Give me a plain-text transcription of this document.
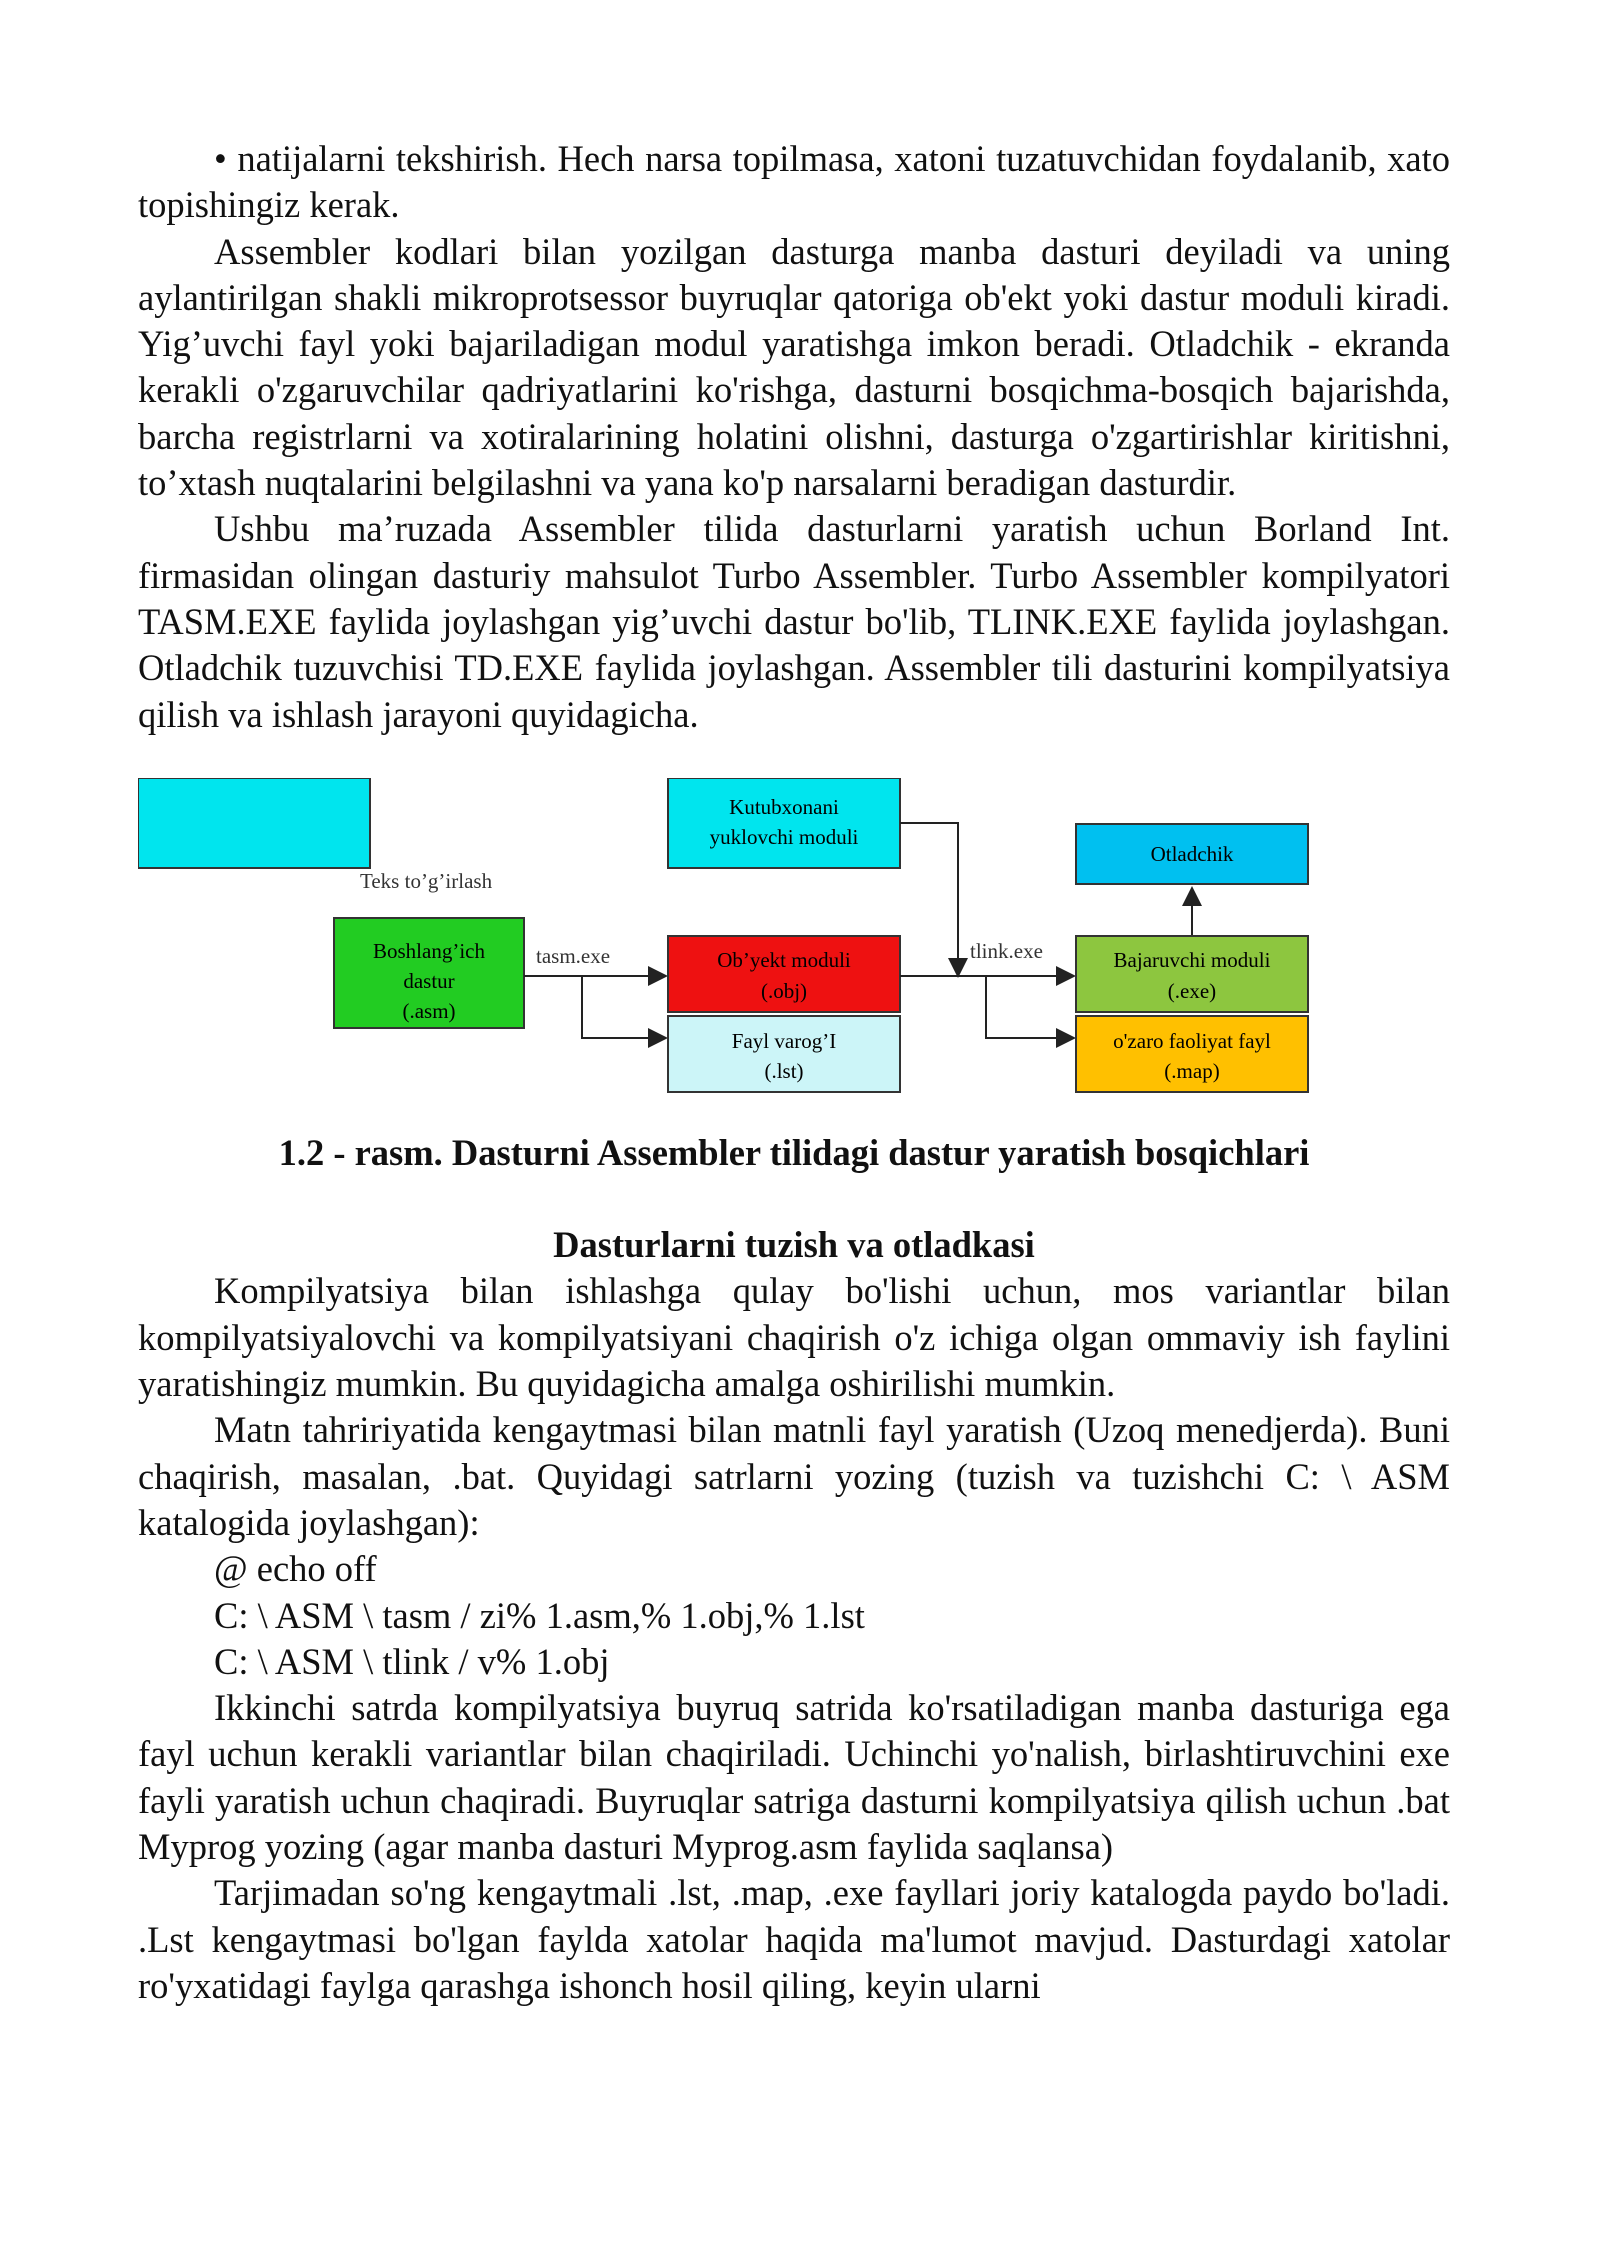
• natijalarni tekshirish. Hech narsa topilmasa, xatoni tuzatuvchidan foydalanib, xato topishingiz kerak.

Assembler kodlari bilan yozilgan dasturga manba dasturi deyiladi va uning aylantirilgan shakli mikroprotsessor buyruqlar qatoriga ob'ekt yoki dastur moduli kiradi. Yig’uvchi fayl yoki bajariladigan modul yaratishga imkon beradi. Otladchik - ekranda kerakli o'zgaruvchilar qadriyatlarini ko'rishga, dasturni bosqichma-bosqich bajarishda, barcha registrlarni va xotiralarining holatini olishni, dasturga o'zgartirishlar kiritishni, to’xtash nuqtalarini belgilashni va yana ko'p narsalarni beradigan dasturdir.

Ushbu ma’ruzada Assembler tilida dasturlarni yaratish uchun Borland Int. firmasidan olingan dasturiy mahsulot Turbo Assembler. Turbo Assembler kompilyatori TASM.EXE faylida joylashgan yig’uvchi dastur bo'lib, TLINK.EXE faylida joylashgan. Otladchik tuzuvchisi TD.EXE faylida joylashgan. Assembler tili dasturini kompilyatsiya qilish va ishlash jarayoni quyidagicha.

Teks to’g’irlash
Boshlang’ich
dastur
(.asm)
tasm.exe
Kutubxonani
yuklovchi moduli
Ob’yekt moduli
(.obj)
Fayl varog’I
(.lst)
tlink.exe
Otladchik
Bajaruvchi moduli
(.exe)
o'zaro faoliyat fayl
(.map)

1.2 - rasm. Dasturni Assembler tilidagi dastur yaratish bosqichlari

Dasturlarni tuzish va otladkasi

Kompilyatsiya bilan ishlashga qulay bo'lishi uchun, mos variantlar bilan kompilyatsiyalovchi va kompilyatsiyani chaqirish o'z ichiga olgan ommaviy ish faylini yaratishingiz mumkin. Bu quyidagicha amalga oshirilishi mumkin.

Matn tahririyatida kengaytmasi bilan matnli fayl yaratish (Uzoq menedjerda). Buni chaqirish, masalan, .bat. Quyidagi satrlarni yozing (tuzish va tuzishchi C: \ ASM katalogida joylashgan):

@ echo off

C: \ ASM \ tasm / zi% 1.asm,% 1.obj,% 1.lst

C: \ ASM \ tlink / v% 1.obj

Ikkinchi satrda kompilyatsiya buyruq satrida ko'rsatiladigan manba dasturiga ega fayl uchun kerakli variantlar bilan chaqiriladi. Uchinchi yo'nalish, birlashtiruvchini exe fayli yaratish uchun chaqiradi. Buyruqlar satriga dasturni kompilyatsiya qilish uchun .bat Myprog yozing (agar manba dasturi Myprog.asm faylida saqlansa)

Tarjimadan so'ng kengaytmali .lst, .map, .exe fayllari joriy katalogda paydo bo'ladi. .Lst kengaytmasi bo'lgan faylda xatolar haqida ma'lumot mavjud. Dasturdagi xatolar ro'yxatidagi faylga qarashga ishonch hosil qiling, keyin ularni
